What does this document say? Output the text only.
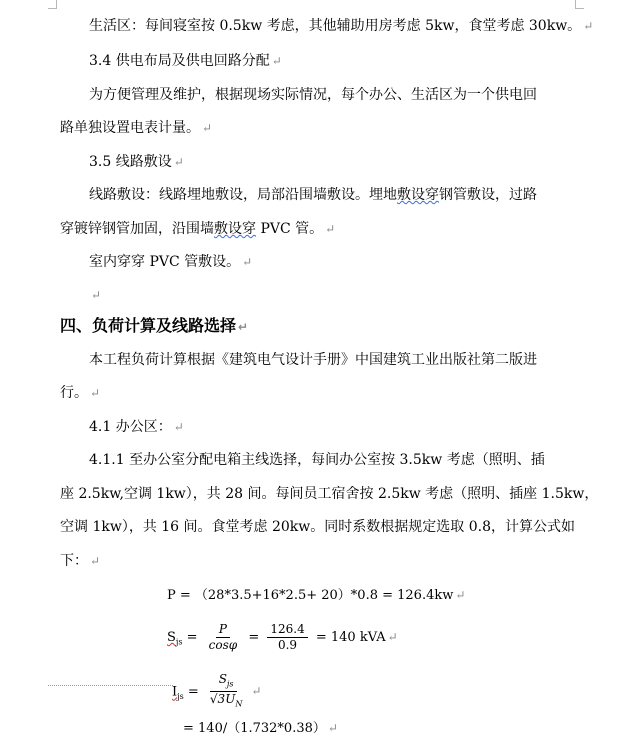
生活区：每间寝室按 0.5kw 考虑，其他辅助用房考虑 5kw，食堂考虑 30kw。 ↵
3.4 供电布局及供电回路分配 ↵
为方便管理及维护，根据现场实际情况，每个办公、生活区为一个供电回
路单独设置电表计量。 ↵
3.5 线路敷设 ↵
线路敷设：线路埋地敷设，局部沿围墙敷设。埋地敷设穿钢管敷设，过路
穿镀锌钢管加固，沿围墙敷设穿 PVC 管。 ↵
室内穿穿 PVC 管敷设。 ↵
↵
四、负荷计算及线路选择 ↵
本工程负荷计算根据《建筑电气设计手册》中国建筑工业出版社第二版进
行。 ↵
4.1 办公区： ↵
4.1.1 至办公室分配电箱主线选择，每间办公室按 3.5kw 考虑（照明、插
座 2.5kw,空调 1kw），共 28 间。每间员工宿舍按 2.5kw 考虑（照明、插座 1.5kw，
空调 1kw），共 16 间。食堂考虑 20kw。同时系数根据规定选取 0.8，计算公式如
下： ↵
P = （28*3.5+16*2.5+ 20）*0.8 = 126.4kw ↵
$S_{js} = \frac{P}{\cos\varphi} = \frac{126.4}{0.9} = 140$ kVA ↵
$I_{js} = \frac{S_{js}}{√3U_N}$ ↵
= 140/（1.732*0.38） ↵
